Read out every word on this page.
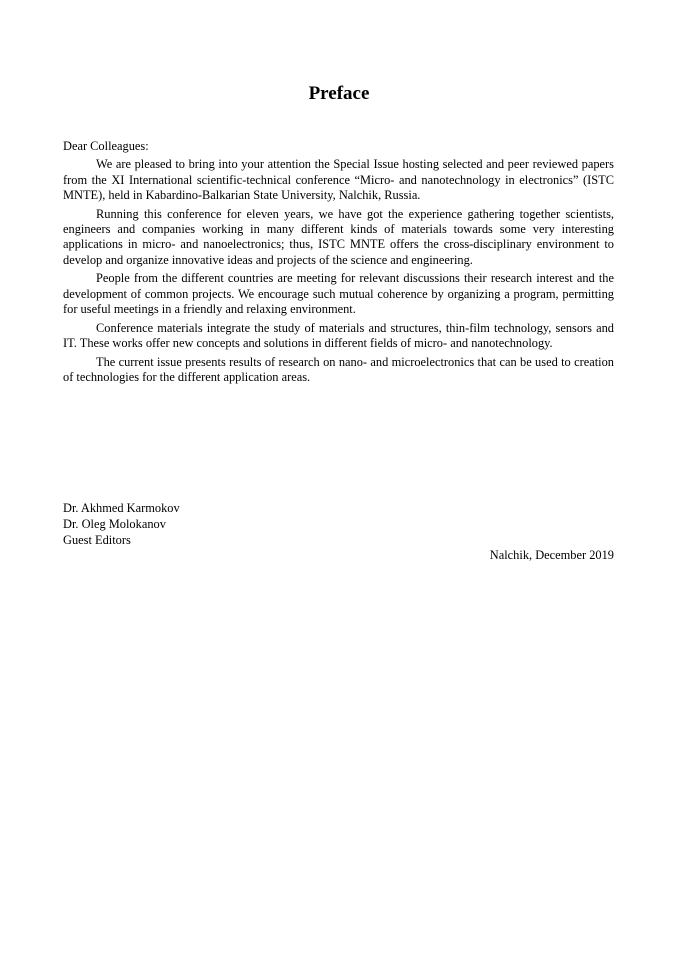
Preface

Dear Colleagues:

We are pleased to bring into your attention the Special Issue hosting selected and peer reviewed papers from the XI International scientific-technical conference “Micro- and nanotechnology in electronics” (ISTC MNTE), held in Kabardino-Balkarian State University, Nalchik, Russia.

Running this conference for eleven years, we have got the experience gathering together scientists, engineers and companies working in many different kinds of materials towards some very interesting applications in micro- and nanoelectronics; thus, ISTC MNTE offers the cross-disciplinary environment to develop and organize innovative ideas and projects of the science and engineering.

People from the different countries are meeting for relevant discussions their research interest and the development of common projects. We encourage such mutual coherence by organizing a program, permitting for useful meetings in a friendly and relaxing environment.

Conference materials integrate the study of materials and structures, thin-film technology, sensors and IT. These works offer new concepts and solutions in different fields of micro- and nanotechnology.

The current issue presents results of research on nano- and microelectronics that can be used to creation of technologies for the different application areas.

Dr. Akhmed Karmokov
Dr. Oleg Molokanov
Guest Editors
Nalchik, December 2019
